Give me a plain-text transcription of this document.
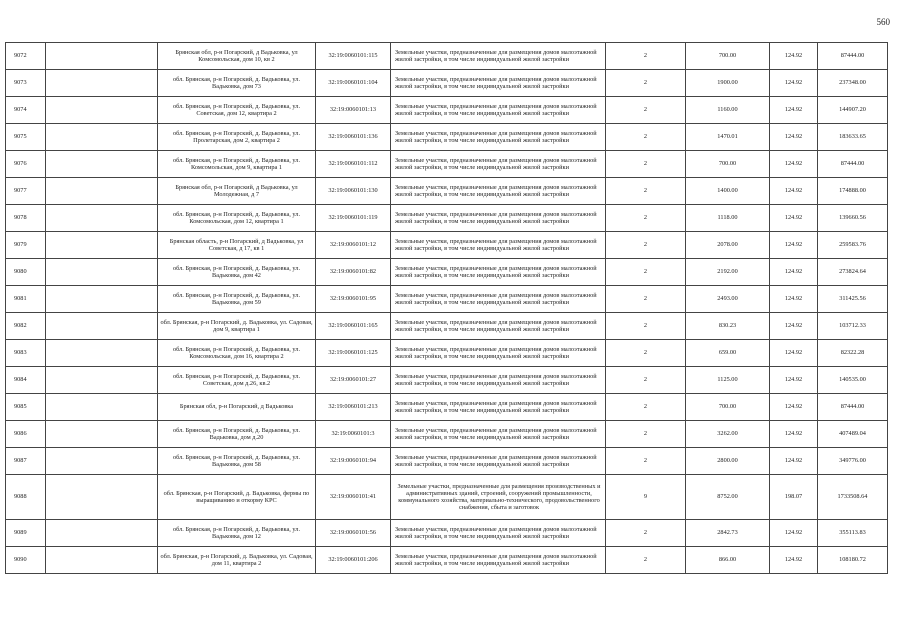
560
9072		Брянская обл, р-н Погарский, д Вадьковка, ул Комсомольская, дом 10, кв 2	32:19:0060101:115	Земельные участки, предназначенные для размещения домов малоэтажной жилой застройки, в том числе индивидуальной жилой застройки	2	700.00	124.92	87444.00
9073		обл. Брянская, р-н Погарский, д. Вадьковка, ул. Вадьковка, дом 73	32:19:0060101:104	Земельные участки, предназначенные для размещения домов малоэтажной жилой застройки, в том числе индивидуальной жилой застройки	2	1900.00	124.92	237348.00
9074		обл. Брянская, р-н Погарский, д. Вадьковка, ул. Советская, дом 12, квартира 2	32:19:0060101:13	Земельные участки, предназначенные для размещения домов малоэтажной жилой застройки, в том числе индивидуальной жилой застройки	2	1160.00	124.92	144907.20
9075		обл. Брянская, р-н Погарский, д. Вадьковка, ул. Пролетарская, дом 2, квартира 2	32:19:0060101:136	Земельные участки, предназначенные для размещения домов малоэтажной жилой застройки, в том числе индивидуальной жилой застройки	2	1470.01	124.92	183633.65
9076		обл. Брянская, р-н Погарский, д. Вадьковка, ул. Комсомольская, дом 9, квартира 1	32:19:0060101:112	Земельные участки, предназначенные для размещения домов малоэтажной жилой застройки, в том числе индивидуальной жилой застройки	2	700.00	124.92	87444.00
9077		Брянская обл, р-н Погарский, д Вадьковка, ул Молодежная, д 7	32:19:0060101:130	Земельные участки, предназначенные для размещения домов малоэтажной жилой застройки, в том числе индивидуальной жилой застройки	2	1400.00	124.92	174888.00
9078		обл. Брянская, р-н Погарский, д. Вадьковка, ул. Комсомольская, дом 12, квартира 1	32:19:0060101:119	Земельные участки, предназначенные для размещения домов малоэтажной жилой застройки, в том числе индивидуальной жилой застройки	2	1118.00	124.92	139660.56
9079		Брянская область, р-н Погарский, д Вадьковка, ул Советская, д 17, кв 1	32:19:0060101:12	Земельные участки, предназначенные для размещения домов малоэтажной жилой застройки, в том числе индивидуальной жилой застройки	2	2078.00	124.92	259583.76
9080		обл. Брянская, р-н Погарский, д. Вадьковка, ул. Вадьковка, дом 42	32:19:0060101:82	Земельные участки, предназначенные для размещения домов малоэтажной жилой застройки, в том числе индивидуальной жилой застройки	2	2192.00	124.92	273824.64
9081		обл. Брянская, р-н Погарский, д. Вадьковка, ул. Вадьковка, дом 59	32:19:0060101:95	Земельные участки, предназначенные для размещения домов малоэтажной жилой застройки, в том числе индивидуальной жилой застройки	2	2493.00	124.92	311425.56
9082		обл. Брянская, р-н Погарский, д. Вадьковка, ул. Садовая, дом 9, квартира 1	32:19:0060101:165	Земельные участки, предназначенные для размещения домов малоэтажной жилой застройки, в том числе индивидуальной жилой застройки	2	830.23	124.92	103712.33
9083		обл. Брянская, р-н Погарский, д. Вадьковка, ул. Комсомольская, дом 16, квартира 2	32:19:0060101:125	Земельные участки, предназначенные для размещения домов малоэтажной жилой застройки, в том числе индивидуальной жилой застройки	2	659.00	124.92	82322.28
9084		обл. Брянская, р-н Погарский, д. Вадьковка, ул. Советская, дом д.26, кв.2	32:19:0060101:27	Земельные участки, предназначенные для размещения домов малоэтажной жилой застройки, в том числе индивидуальной жилой застройки	2	1125.00	124.92	140535.00
9085		Брянская обл, р-н Погарский, д Вадьковка	32:19:0060101:213	Земельные участки, предназначенные для размещения домов малоэтажной жилой застройки, в том числе индивидуальной жилой застройки	2	700.00	124.92	87444.00
9086		обл. Брянская, р-н Погарский, д. Вадьковка, ул. Вадьковка, дом д.20	32:19:0060101:3	Земельные участки, предназначенные для размещения домов малоэтажной жилой застройки, в том числе индивидуальной жилой застройки	2	3262.00	124.92	407489.04
9087		обл. Брянская, р-н Погарский, д. Вадьковка, ул. Вадьковка, дом 58	32:19:0060101:94	Земельные участки, предназначенные для размещения домов малоэтажной жилой застройки, в том числе индивидуальной жилой застройки	2	2800.00	124.92	349776.00
9088		обл. Брянская, р-н Погарский, д. Вадьковка, фермы по выращиванию и откорму КРС	32:19:0060101:41	Земельные участки, предназначенные для размещения производственных и административных зданий, строений, сооружений промышленности, коммунального хозяйства, материально-технического, продовольственного снабжения, сбыта и заготовок	9	8752.00	198.07	1733508.64
9089		обл. Брянская, р-н Погарский, д. Вадьковка, ул. Вадьковка, дом 12	32:19:0060101:56	Земельные участки, предназначенные для размещения домов малоэтажной жилой застройки, в том числе индивидуальной жилой застройки	2	2842.73	124.92	355113.83
9090		обл. Брянская, р-н Погарский, д. Вадьковка, ул. Садовая, дом 11, квартира 2	32:19:0060101:206	Земельные участки, предназначенные для размещения домов малоэтажной жилой застройки, в том числе индивидуальной жилой застройки	2	866.00	124.92	108180.72
